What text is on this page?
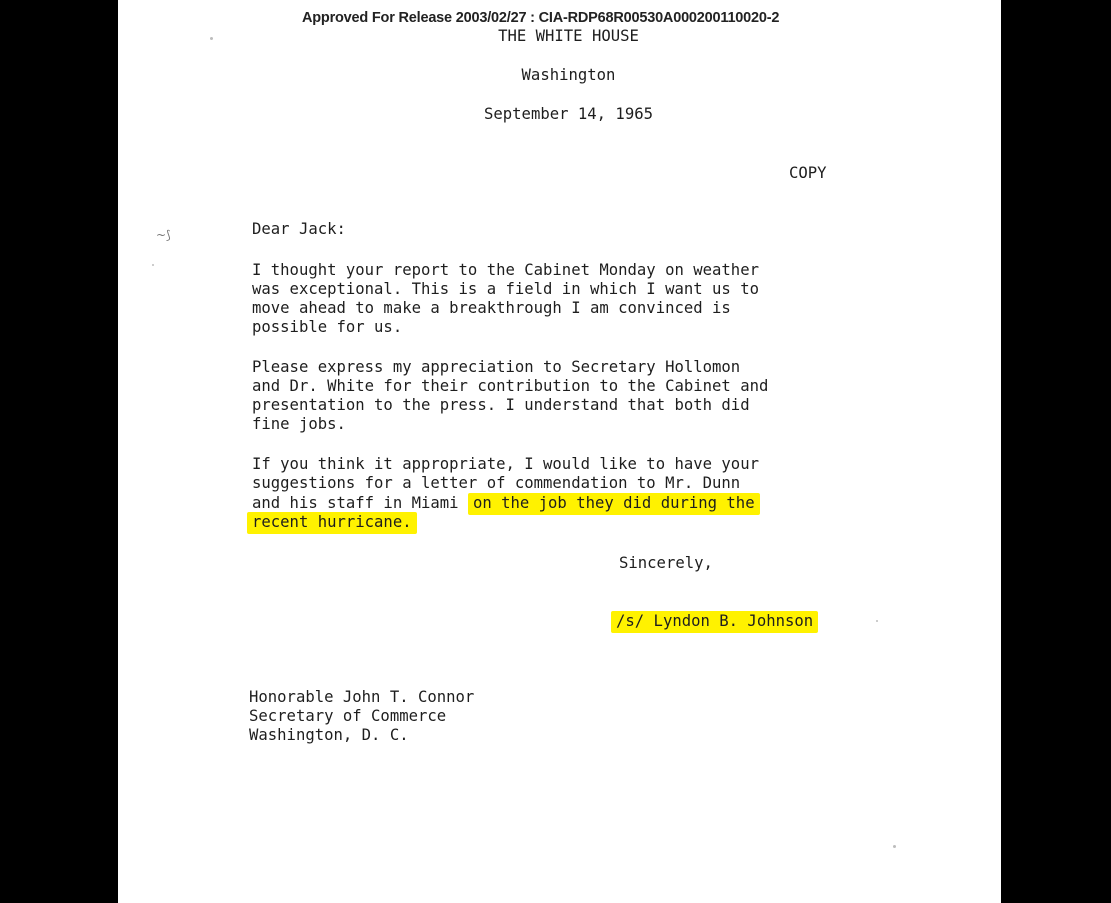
Approved For Release 2003/02/27 : CIA-RDP68R00530A000200110020-2
THE WHITE HOUSE
Washington
September 14, 1965
COPY
~⟆	Dear Jack:
I thought your report to the Cabinet Monday on weather
was exceptional. This is a field in which I want us to
move ahead to make a breakthrough I am convinced is
possible for us.
Please express my appreciation to Secretary Hollomon
and Dr. White for their contribution to the Cabinet and
presentation to the press. I understand that both did
fine jobs.
If you think it appropriate, I would like to have your
suggestions for a letter of commendation to Mr. Dunn
and his staff in Miami on the job they did during the
recent hurricane.
Sincerely,
/s/ Lyndon B. Johnson
Honorable John T. Connor
Secretary of Commerce
Washington, D. C.
